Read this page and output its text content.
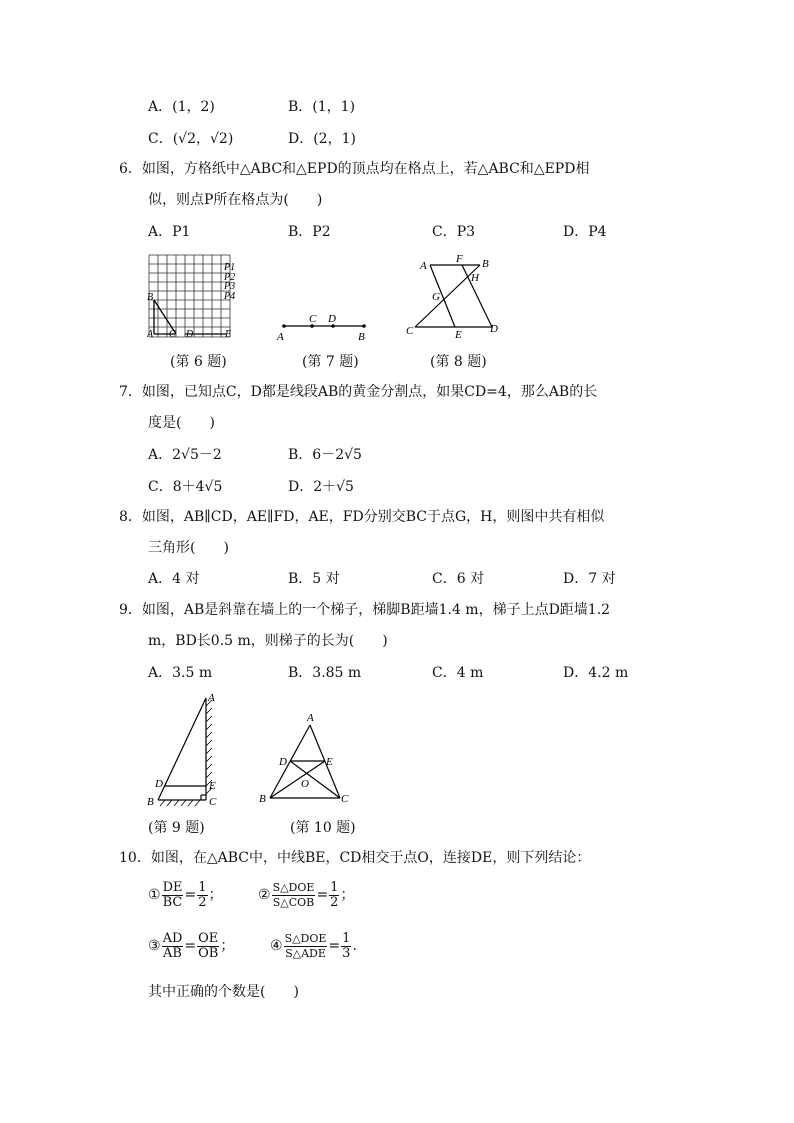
A．(1，2)	B．(1，1)
C．(√2，√2)	D．(2，1)
6．如图，方格纸中△ABC和△EPD的顶点均在格点上，若△ABC和△EPD相
似，则点P所在格点为(　　)
A．P1	B．P2	C．P3	D．P4
P1
P2
P3
P4
B
A C D	E	A
C D
B
A
F B
H
G
C	E	D
(第 6 题)	(第 7 题)	(第 8 题)
7．如图，已知点C，D都是线段AB的黄金分割点，如果CD=4，那么AB的长
度是(　　)
A．2√5－2	B．6－2√5
C．8＋4√5	D．2＋√5
8．如图，AB∥CD，AE∥FD，AE，FD分别交BC于点G，H，则图中共有相似
三角形(　　)
A．4 对	B．5 对	C．6 对	D．7 对
9．如图，AB是斜靠在墙上的一个梯子，梯脚B距墙1.4 m，梯子上点D距墙1.2
m，BD长0.5 m，则梯子的长为(　　)
A．3.5 m	B．3.85 m	C．4 m	D．4.2 m
A
D	E
B	C
A
D	E
O
B	C
(第 9 题)	(第 10 题)
10．如图，在△ABC中，中线BE，CD相交于点O，连接DE，则下列结论：
① $\frac{DE}{BC} = \frac{1}{2}$ ；	② $\frac{\text{S△DOE}}{\text{S△COB}} = \frac{1}{2}$ ；
③ $\frac{AD}{AB} = \frac{OE}{OB}$ ；	④ $\frac{\text{S△DOE}}{\text{S△ADE}} = \frac{1}{3}$ .
其中正确的个数是(　　)
